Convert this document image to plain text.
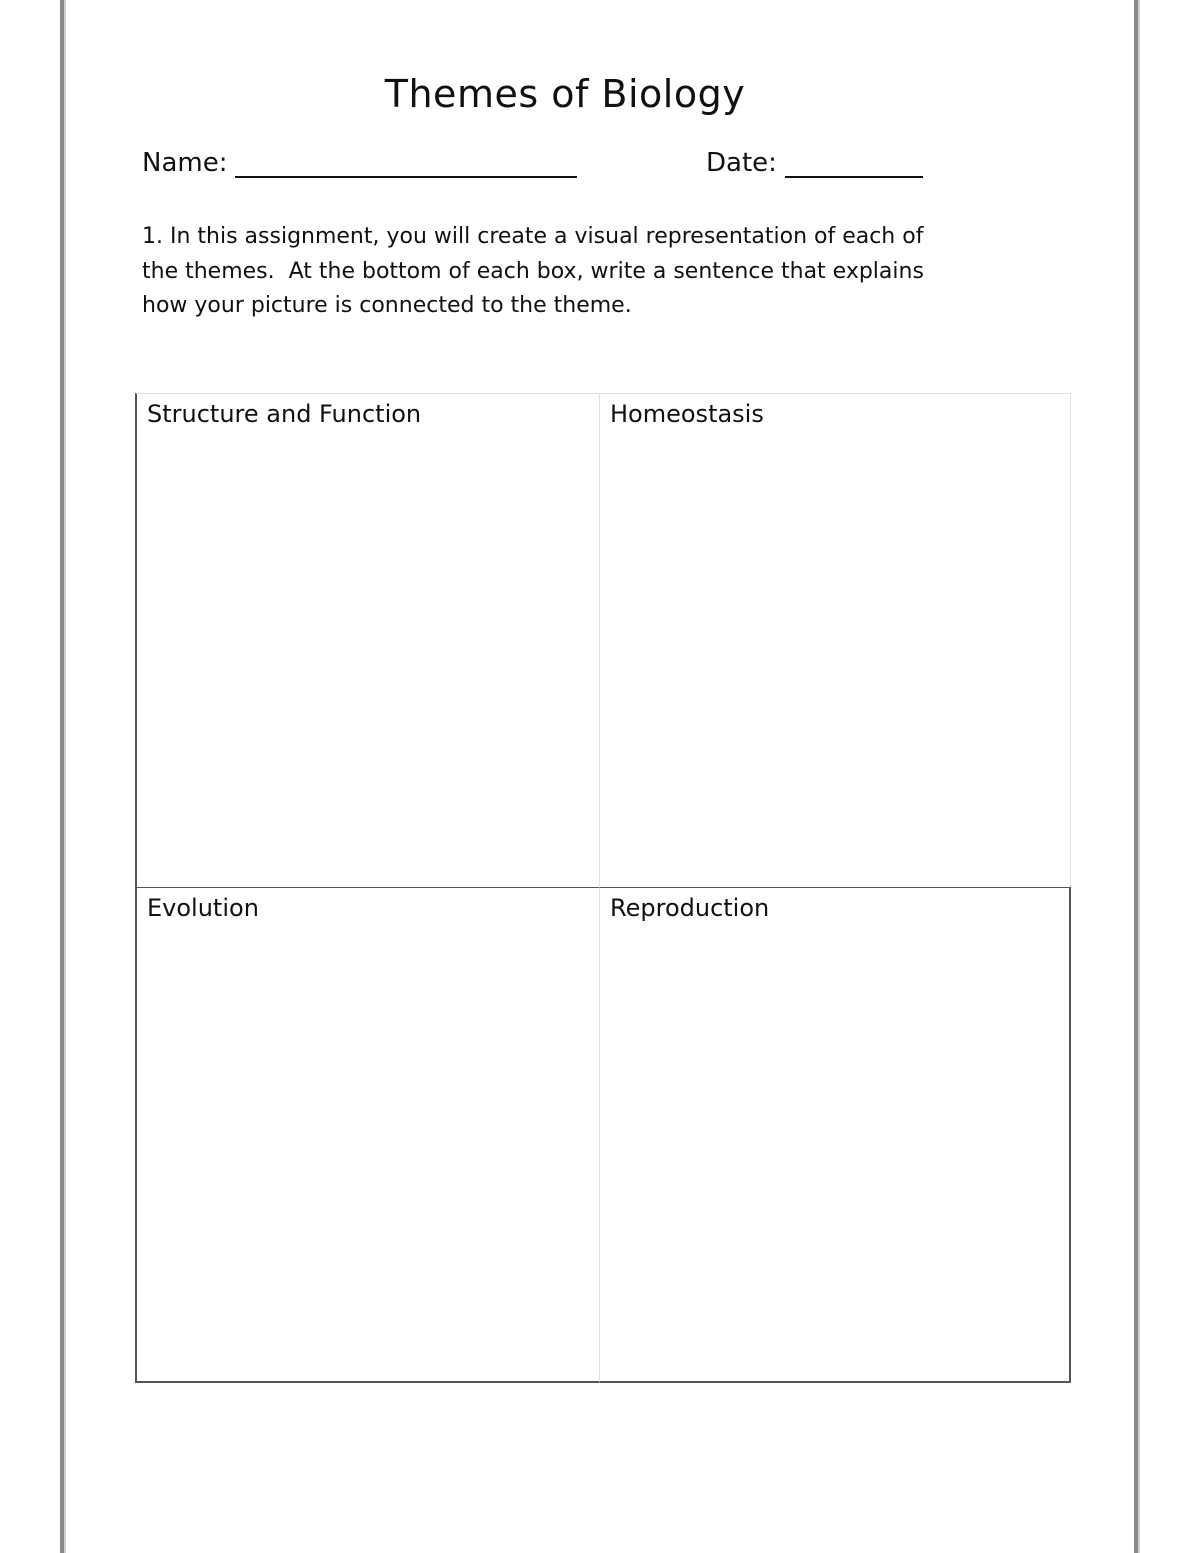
Themes of Biology
Name:	Date:
1. In this assignment, you will create a visual representation of each of
the themes.  At the bottom of each box, write a sentence that explains
how your picture is connected to the theme.
Structure and Function	Homeostasis
Evolution	Reproduction
